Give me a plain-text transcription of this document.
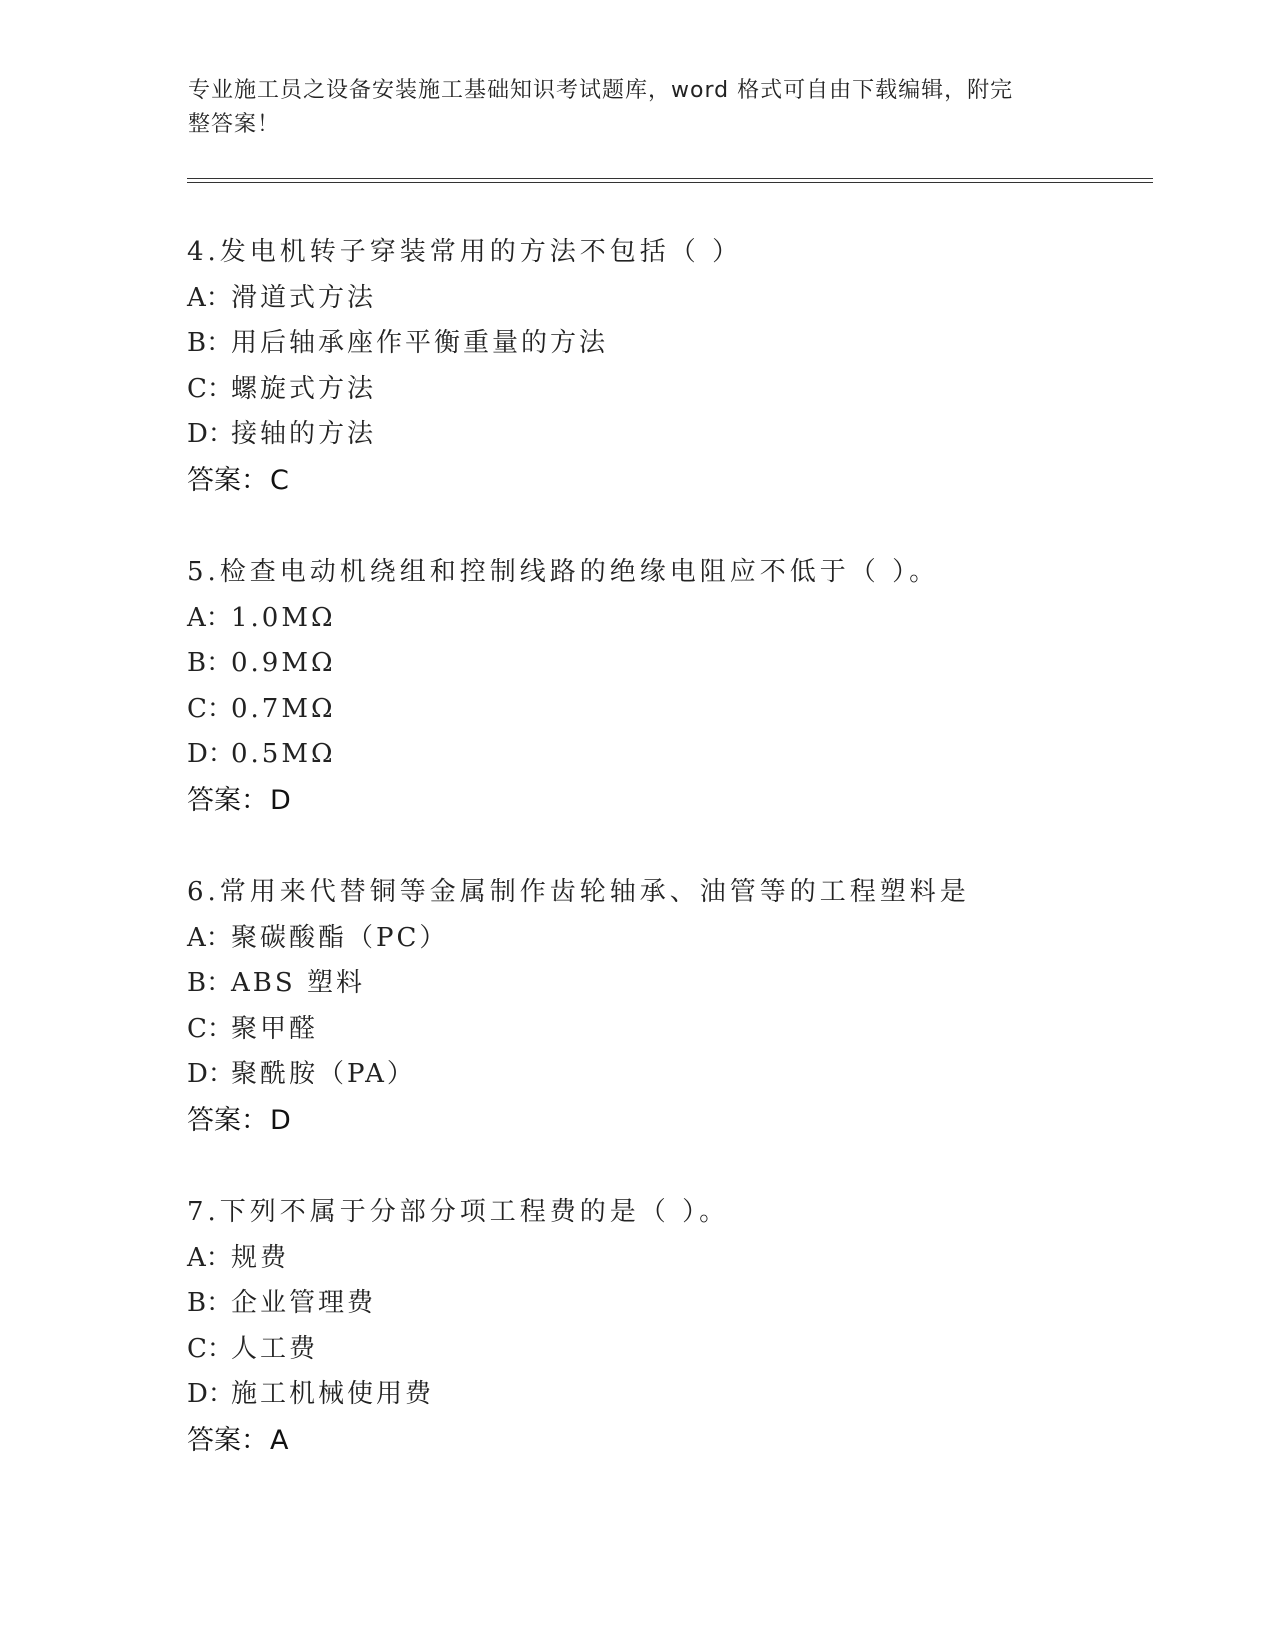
专业施工员之设备安装施工基础知识考试题库，word 格式可自由下载编辑，附完
整答案！
4.发电机转子穿装常用的方法不包括（ ）
A：滑道式方法
B：用后轴承座作平衡重量的方法
C：螺旋式方法
D：接轴的方法
答案：C
5.检查电动机绕组和控制线路的绝缘电阻应不低于（ ）。
A：1.0MΩ
B：0.9MΩ
C：0.7MΩ
D：0.5MΩ
答案：D
6.常用来代替铜等金属制作齿轮轴承、油管等的工程塑料是
A：聚碳酸酯（PC）
B：ABS 塑料
C：聚甲醛
D：聚酰胺（PA）
答案：D
7.下列不属于分部分项工程费的是（ ）。
A：规费
B：企业管理费
C：人工费
D：施工机械使用费
答案：A
